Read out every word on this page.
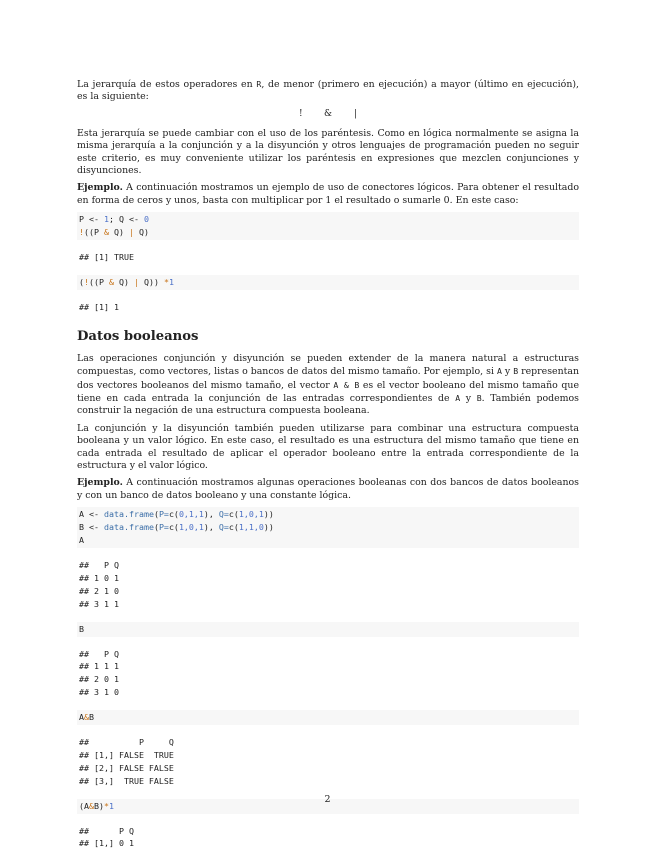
La jerarquía de estos operadores en R, de menor (primero en ejecución) a mayor (último en ejecución), es la siguiente:

! & |

Esta jerarquía se puede cambiar con el uso de los paréntesis. Como en lógica normalmente se asigna la misma jerarquía a la conjunción y a la disyunción y otros lenguajes de programación pueden no seguir este criterio, es muy conveniente utilizar los paréntesis en expresiones que mezclen conjunciones y disyunciones.

Ejemplo. A continuación mostramos un ejemplo de uso de conectores lógicos. Para obtener el resultado en forma de ceros y unos, basta con multiplicar por 1 el resultado o sumarle 0. En este caso:

P <- 1; Q <- 0
!((P & Q) | Q)
## [1] TRUE
(!((P & Q) | Q)) *1
## [1] 1
Datos booleanos

Las operaciones conjunción y disyunción se pueden extender de la manera natural a estructuras compuestas, como vectores, listas o bancos de datos del mismo tamaño. Por ejemplo, si A y B representan dos vectores booleanos del mismo tamaño, el vector A & B es el vector booleano del mismo tamaño que tiene en cada entrada la conjunción de las entradas correspondientes de A y B. También podemos construir la negación de una estructura compuesta booleana.

La conjunción y la disyunción también pueden utilizarse para combinar una estructura compuesta booleana y un valor lógico. En este caso, el resultado es una estructura del mismo tamaño que tiene en cada entrada el resultado de aplicar el operador booleano entre la entrada correspondiente de la estructura y el valor lógico.

Ejemplo. A continuación mostramos algunas operaciones booleanas con dos bancos de datos booleanos y con un banco de datos booleano y una constante lógica.

A <- data.frame(P=c(0,1,1), Q=c(1,0,1))
B <- data.frame(P=c(1,0,1), Q=c(1,1,0))
A
##   P Q
## 1 0 1
## 2 1 0
## 3 1 1
B
##   P Q
## 1 1 1
## 2 0 1
## 3 1 0
A&B
##          P     Q
## [1,] FALSE  TRUE
## [2,] FALSE FALSE
## [3,]  TRUE FALSE
(A&B)*1
##      P Q
## [1,] 0 1
2
